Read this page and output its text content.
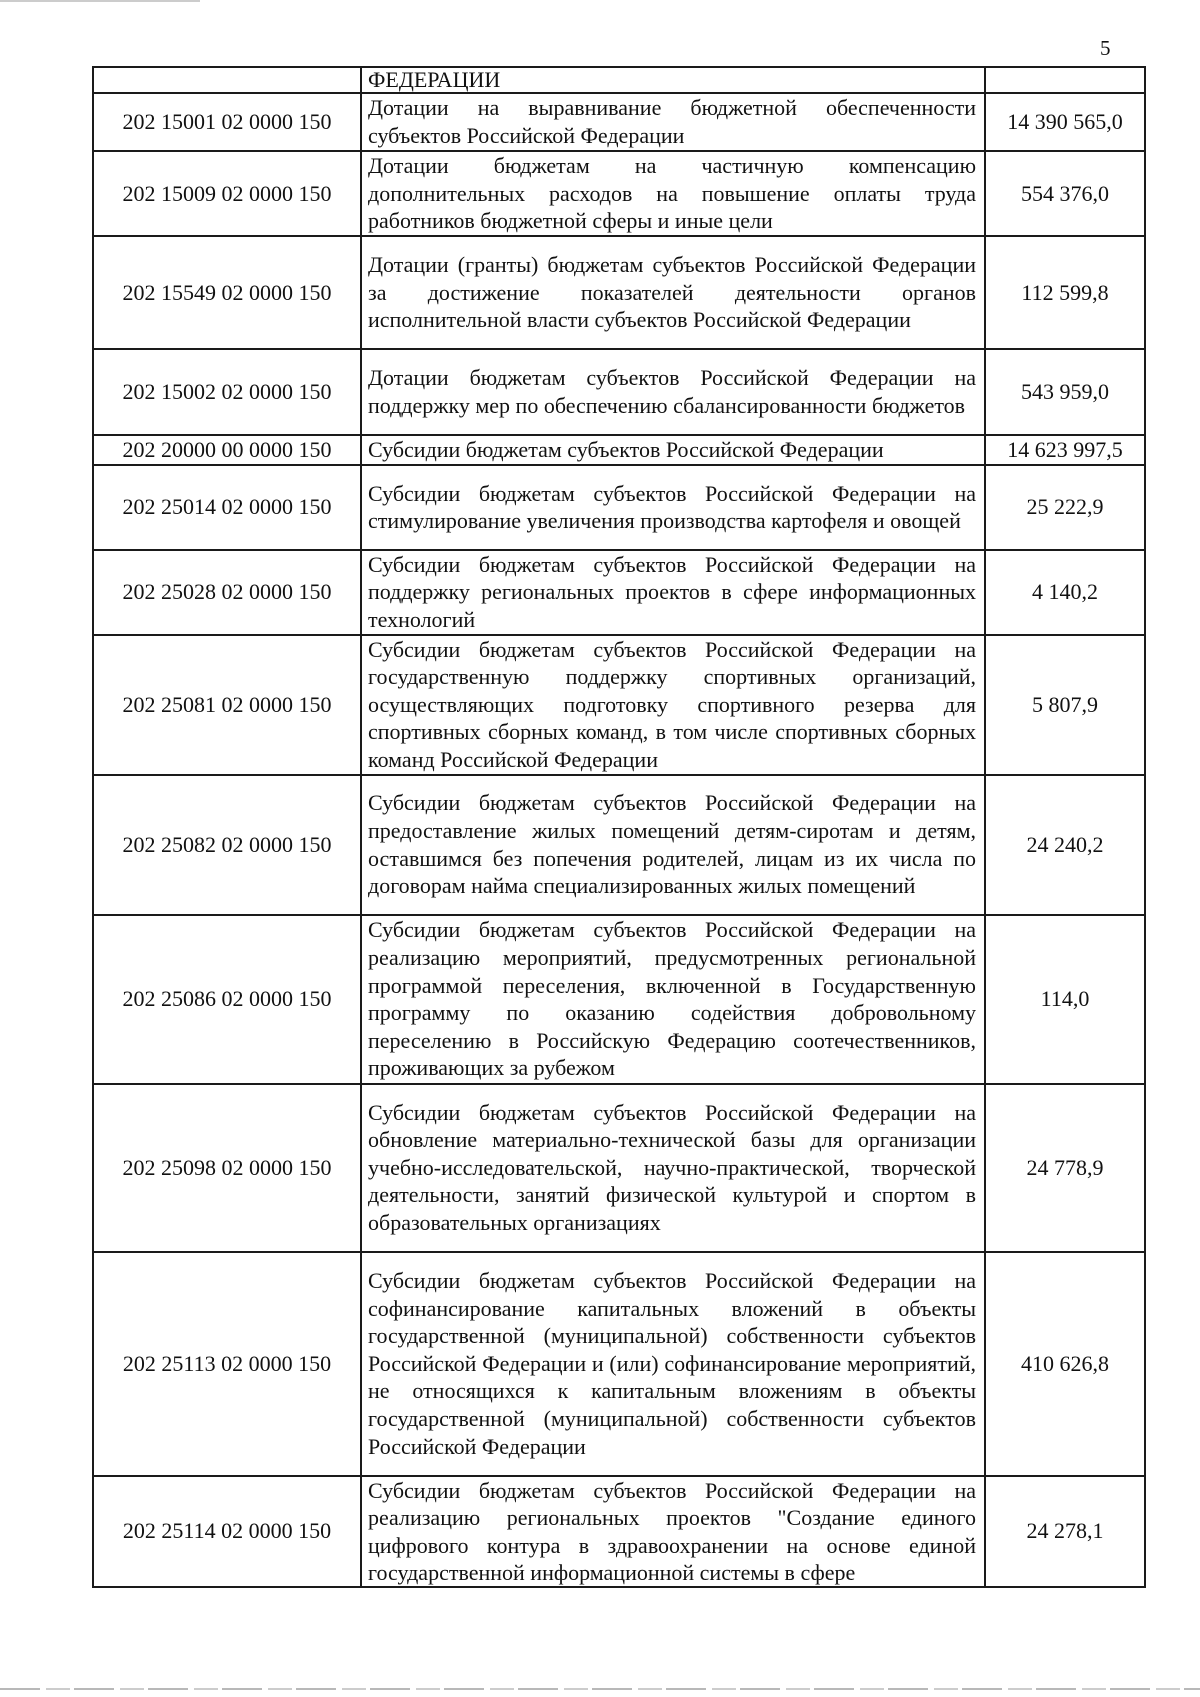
5
	ФЕДЕРАЦИИ	
202 15001 02 0000 150	Дотации на выравнивание бюджетной обеспеченности субъектов Российской Федерации	14 390 565,0
202 15009 02 0000 150	Дотации бюджетам на частичную компенсацию дополнительных расходов на повышение оплаты труда работников бюджетной сферы и иные цели	554 376,0
202 15549 02 0000 150	Дотации (гранты) бюджетам субъектов Российской Федерации за достижение показателей деятельности органов исполнительной власти субъектов Российской Федерации	112 599,8
202 15002 02 0000 150	Дотации бюджетам субъектов Российской Федерации на поддержку мер по обеспечению сбалансированности бюджетов	543 959,0
202 20000 00 0000 150	Субсидии бюджетам субъектов Российской Федерации	14 623 997,5
202 25014 02 0000 150	Субсидии бюджетам субъектов Российской Федерации на стимулирование увеличения производства картофеля и овощей	25 222,9
202 25028 02 0000 150	Субсидии бюджетам субъектов Российской Федерации на поддержку региональных проектов в сфере информационных технологий	4 140,2
202 25081 02 0000 150	Субсидии бюджетам субъектов Российской Федерации на государственную поддержку спортивных организаций, осуществляющих подготовку спортивного резерва для спортивных сборных команд, в том числе спортивных сборных команд Российской Федерации	5 807,9
202 25082 02 0000 150	Субсидии бюджетам субъектов Российской Федерации на предоставление жилых помещений детям-сиротам и детям, оставшимся без попечения родителей, лицам из их числа по договорам найма специализированных жилых помещений	24 240,2
202 25086 02 0000 150	Субсидии бюджетам субъектов Российской Федерации на реализацию мероприятий, предусмотренных региональной программой переселения, включенной в Государственную программу по оказанию содействия добровольному переселению в Российскую Федерацию соотечественников, проживающих за рубежом	114,0
202 25098 02 0000 150	Субсидии бюджетам субъектов Российской Федерации на обновление материально-технической базы для организации учебно-исследовательской, научно-практической, творческой деятельности, занятий физической культурой и спортом в образовательных организациях	24 778,9
202 25113 02 0000 150	Субсидии бюджетам субъектов Российской Федерации на софинансирование капитальных вложений в объекты государственной (муниципальной) собственности субъектов Российской Федерации и (или) софинансирование мероприятий, не относящихся к капитальным вложениям в объекты государственной (муниципальной) собственности субъектов Российской Федерации	410 626,8
202 25114 02 0000 150	Субсидии бюджетам субъектов Российской Федерации на реализацию региональных проектов "Создание единого цифрового контура в здравоохранении на основе единой государственной информационной системы в сфере	24 278,1
